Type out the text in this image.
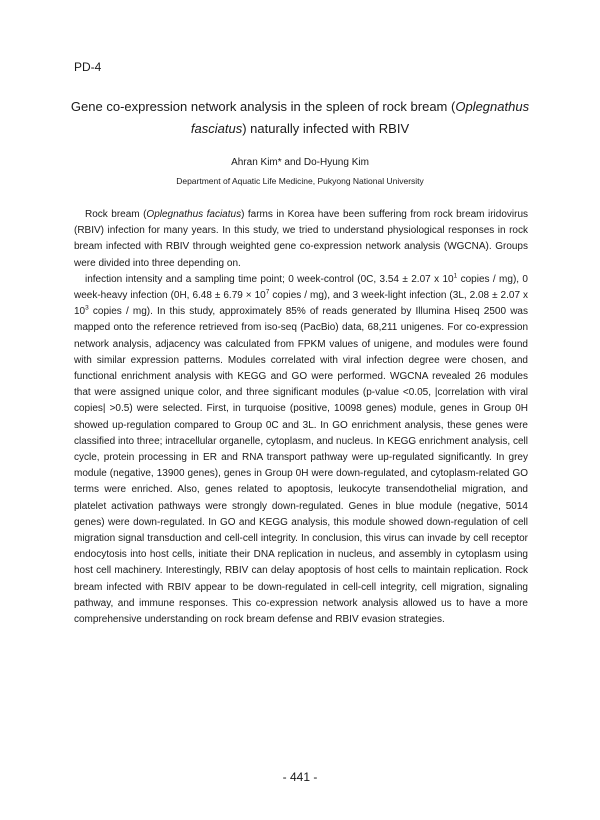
PD-4
Gene co-expression network analysis in the spleen of rock bream (Oplegnathus fasciatus) naturally infected with RBIV
Ahran Kim* and Do-Hyung Kim
Department of Aquatic Life Medicine, Pukyong National University

Rock bream (Oplegnathus faciatus) farms in Korea have been suffering from rock bream iridovirus (RBIV) infection for many years. In this study, we tried to understand physiological responses in rock bream infected with RBIV through weighted gene co-expression network analysis (WGCNA). Groups were divided into three depending on.

infection intensity and a sampling time point; 0 week-control (0C, 3.54 ± 2.07 x $10^1$ copies / mg), 0 week-heavy infection (0H, $6.48 \pm 6.79 \times 10^7$ copies / mg), and 3 week-light infection (3L, 2.08 ± 2.07 x $10^3$ copies / mg). In this study, approximately 85% of reads generated by Illumina Hiseq 2500 was mapped onto the reference retrieved from iso-seq (PacBio) data, 68,211 unigenes. For co-expression network analysis, adjacency was calculated from FPKM values of unigene, and modules were found with similar expression patterns. Modules correlated with viral infection degree were chosen, and functional enrichment analysis with KEGG and GO were performed. WGCNA revealed 26 modules that were assigned unique color, and three significant modules (p-value <0.05, |correlation with viral copies| >0.5) were selected. First, in turquoise (positive, 10098 genes) module, genes in Group 0H showed up-regulation compared to Group 0C and 3L. In GO enrichment analysis, these genes were classified into three; intracellular organelle, cytoplasm, and nucleus. In KEGG enrichment analysis, cell cycle, protein processing in ER and RNA transport pathway were up-regulated significantly. In grey module (negative, 13900 genes), genes in Group 0H were down-regulated, and cytoplasm-related GO terms were enriched. Also, genes related to apoptosis, leukocyte transendothelial migration, and platelet activation pathways were strongly down-regulated. Genes in blue module (negative, 5014 genes) were down-regulated. In GO and KEGG analysis, this module showed down-regulation of cell migration signal transduction and cell-cell integrity. In conclusion, this virus can invade by cell receptor endocytosis into host cells, initiate their DNA replication in nucleus, and assembly in cytoplasm using host cell machinery. Interestingly, RBIV can delay apoptosis of host cells to maintain replication. Rock bream infected with RBIV appear to be down-regulated in cell-cell integrity, cell migration, signaling pathway, and immune responses. This co-expression network analysis allowed us to have a more comprehensive understanding on rock bream defense and RBIV evasion strategies.

- 441 -
